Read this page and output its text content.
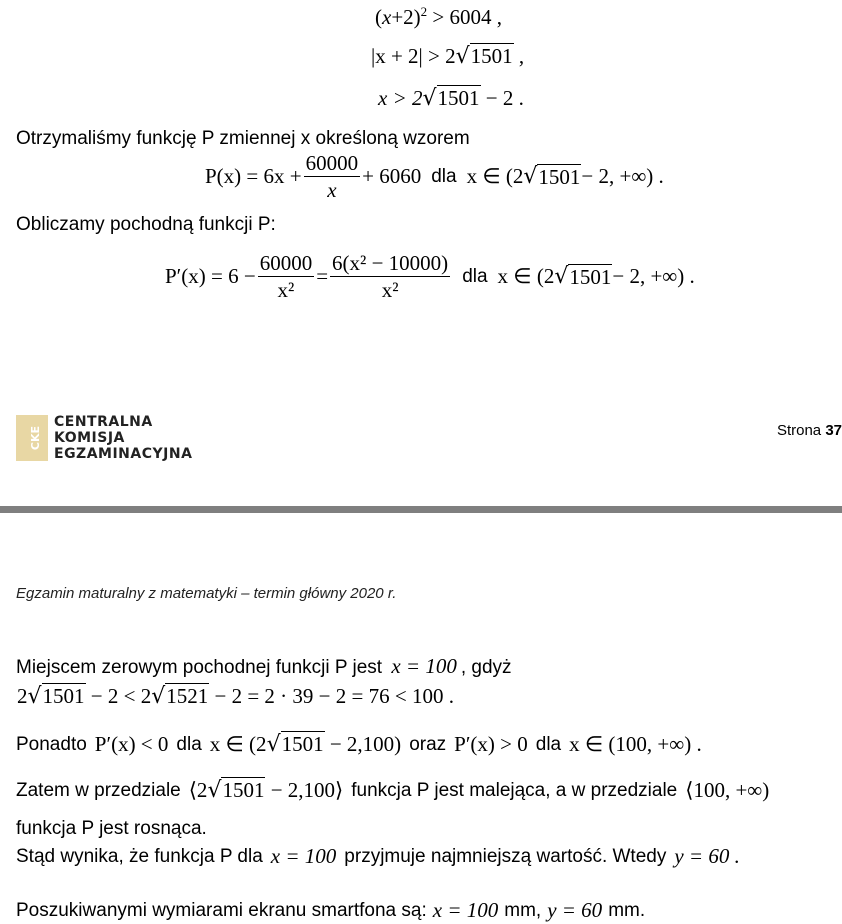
$(x+2)^2 > 6004$ ,
|x + 2| > 2√1501 ,
x > 2√1501 − 2 .
Otrzymaliśmy funkcję P zmiennej x określoną wzorem
$P(x) = 6x + \frac{60000}{x} + 6060$ dla x ∈ (2 √ 1501 − 2, +∞) .
Obliczamy pochodną funkcji P:
$P'(x) = 6 - \frac{60000}{\text{x²}} = \frac{\text{6(x² − 10000)}}{\text{x²}}$ dla x ∈ (2 √ 1501 − 2, +∞) .
CKE
CENTRALNA
KOMISJA
EGZAMINACYJNA
Strona 37
Egzamin maturalny z matematyki – termin główny 2020 r.
Miejscem zerowym pochodnej funkcji P jest x = 100 , gdyż
2√1501 − 2 < 2√1521 − 2 = 2 · 39 − 2 = 76 < 100 .
Ponadto P′(x) < 0 dla x ∈ (2√1501 − 2,100) oraz P′(x) > 0 dla x ∈ (100, +∞) .
Zatem w przedziale ⟨2√1501 − 2,100⟩ funkcja P jest malejąca, a w przedziale ⟨100, +∞)
funkcja P jest rosnąca.
Stąd wynika, że funkcja P dla x = 100 przyjmuje najmniejszą wartość. Wtedy y = 60 .
Poszukiwanymi wymiarami ekranu smartfona są: x = 100 mm, y = 60 mm.
